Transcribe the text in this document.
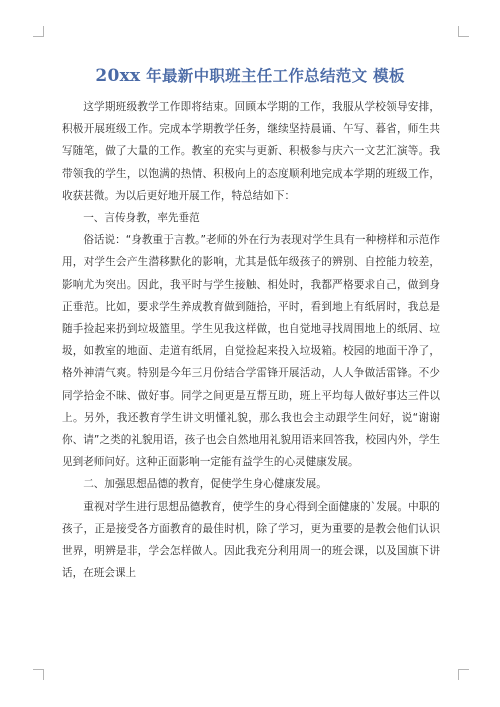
20xx 年最新中职班主任工作总结范文 模板

这学期班级教学工作即将结束。回顾本学期的工作，我服从学校领导安排，积极开展班级工作。完成本学期教学任务，继续坚持晨诵、午写、暮省，师生共写随笔，做了大量的工作。教室的充实与更新、积极参与庆六一文艺汇演等。我带领我的学生，以饱满的热情、积极向上的态度顺利地完成本学期的班级工作，收获甚微。为以后更好地开展工作，特总结如下：

一、言传身教，率先垂范

俗话说：“身教重于言教。”老师的外在行为表现对学生具有一种榜样和示范作用，对学生会产生潜移默化的影响，尤其是低年级孩子的辨别、自控能力较差，影响尤为突出。因此，我平时与学生接触、相处时，我都严格要求自己，做到身正垂范。比如，要求学生养成教育做到随拾，平时，看到地上有纸屑时，我总是随手捡起来扔到垃圾篮里。学生见我这样做，也自觉地寻找周围地上的纸屑、垃圾，如教室的地面、走道有纸屑，自觉捡起来投入垃圾箱。校园的地面干净了，格外神清气爽。特别是今年三月份结合学雷锋开展活动，人人争做活雷锋。不少同学拾金不昧、做好事。同学之间更是互帮互助，班上平均每人做好事达三件以上。另外，我还教育学生讲文明懂礼貌，那么我也会主动跟学生问好，说“谢谢你、请”之类的礼貌用语，孩子也会自然地用礼貌用语来回答我，校园内外，学生见到老师问好。这种正面影响一定能有益学生的心灵健康发展。

二、加强思想品德的教育，促使学生身心健康发展。

重视对学生进行思想品德教育，使学生的身心得到全面健康的`发展。中职的孩子，正是接受各方面教育的最佳时机，除了学习，更为重要的是教会他们认识世界，明辨是非，学会怎样做人。因此我充分利用周一的班会课，以及国旗下讲话，在班会课上
